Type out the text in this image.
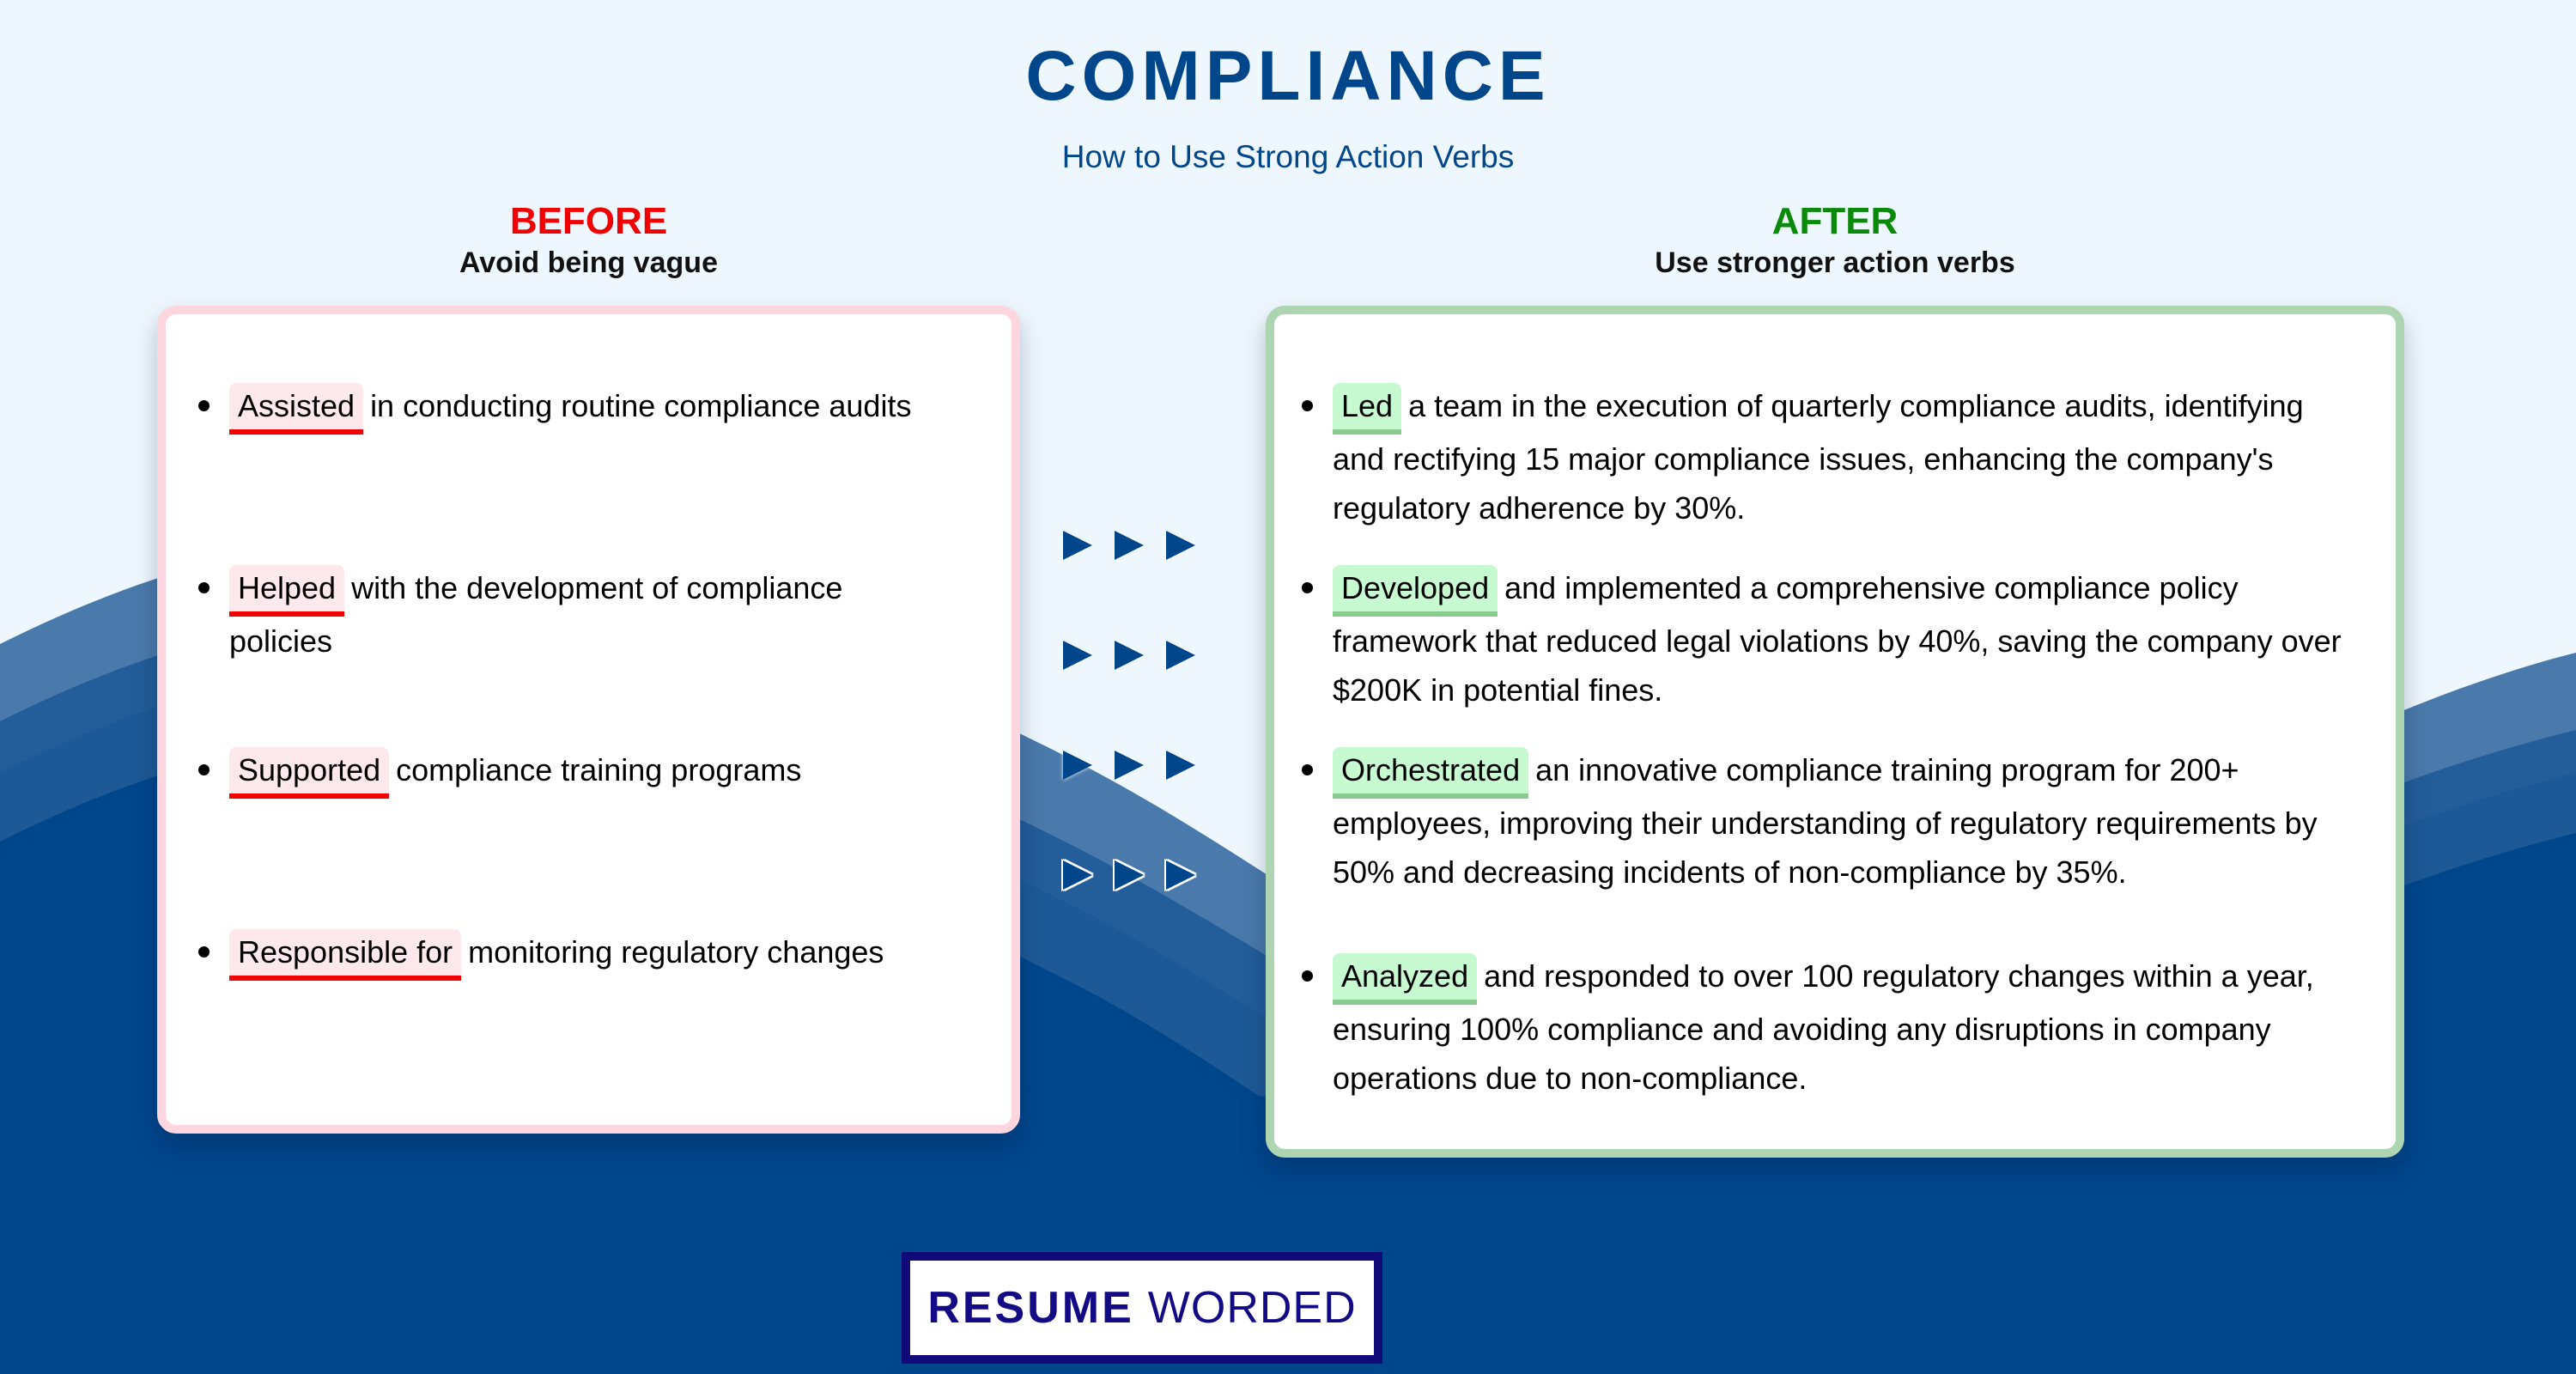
COMPLIANCE
How to Use Strong Action Verbs
BEFORE
Avoid being vague
AFTER
Use stronger action verbs
Assisted in conducting routine compliance audits
Helped with the development of compliance policies
Supported compliance training programs
Responsible for monitoring regulatory changes
Led a team in the execution of quarterly compliance audits, identifying and rectifying 15 major compliance issues, enhancing the company's regulatory adherence by 30%.
Developed and implemented a comprehensive compliance policy framework that reduced legal violations by 40%, saving the company over $200K in potential fines.
Orchestrated an innovative compliance training program for 200+ employees, improving their understanding of regulatory requirements by 50% and decreasing incidents of non-compliance by 35%.
Analyzed and responded to over 100 regulatory changes within a year, ensuring 100% compliance and avoiding any disruptions in company operations due to non-compliance.
RESUME WORDED
